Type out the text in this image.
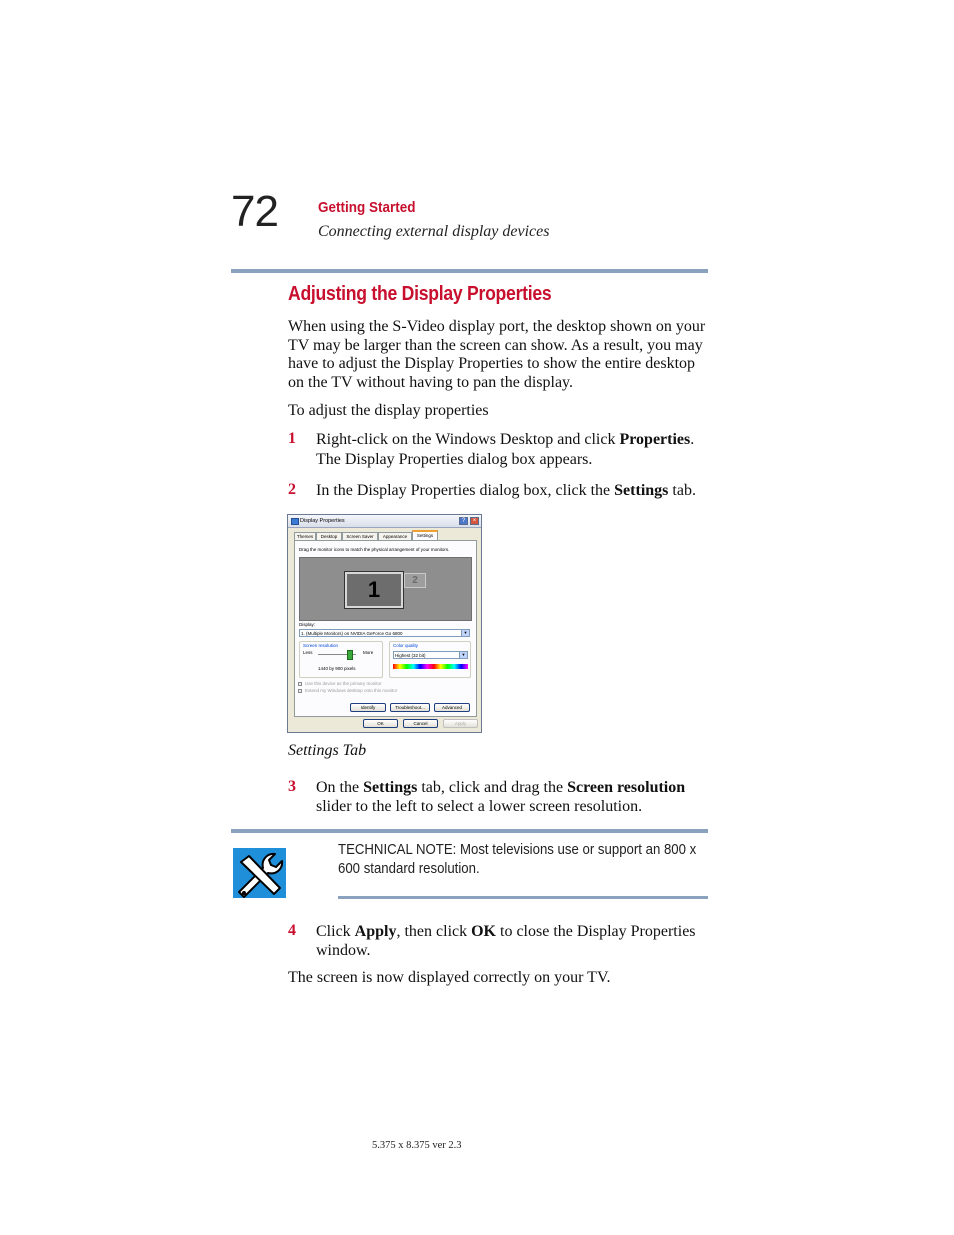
72	Getting Started
Connecting external display devices
Adjusting the Display Properties
When using the S-Video display port, the desktop shown on your TV may be larger than the screen can show. As a result, you may have to adjust the Display Properties to show the entire desktop on the TV without having to pan the display.
To adjust the display properties
1 Right-click on the Windows Desktop and click Properties.
The Display Properties dialog box appears.
2 In the Display Properties dialog box, click the Settings tab.
Display Properties	?	×
Themes	Desktop	Screen Saver	Appearance	Settings
Drag the monitor icons to match the physical arrangement of your monitors.
1	2
Display:
1. (Multiple Monitors) on NVIDIA GeForce Go 6800	▼
Screen resolution
Less	More
1440 by 900 pixels
Color quality
Highest (32 bit)	▼
Use this device as the primary monitor
Extend my Windows desktop onto this monitor
Identify	Troubleshoot...	Advanced
OK	Cancel	Apply
Settings Tab
3 On the Settings tab, click and drag the Screen resolution slider to the left to select a lower screen resolution.
TECHNICAL NOTE: Most televisions use or support an 800 x 600 standard resolution.
4 Click Apply, then click OK to close the Display Properties window.
The screen is now displayed correctly on your TV.
5.375 x 8.375 ver 2.3
